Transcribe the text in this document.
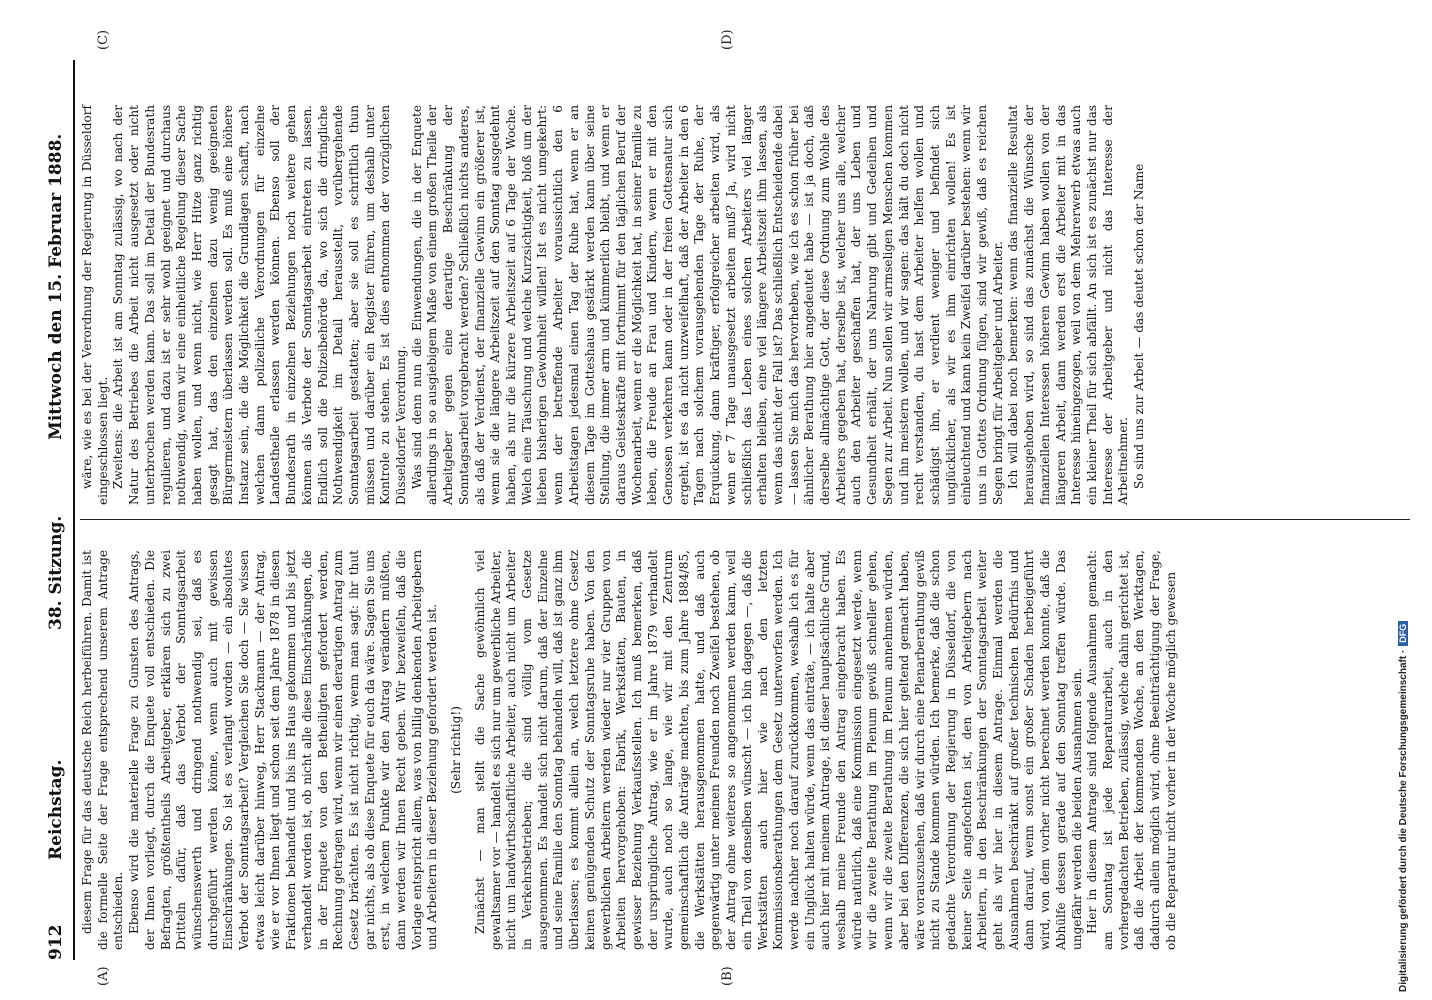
912
Reichstag.
38. Sitzung.
Mittwoch den 15. Februar 1888.
(A)	(B)
(C)	(D)

diesem Frage für das deutsche Reich herbeiführen. Damit ist die formelle Seite der Frage entsprechend unserem Antrage entschieden. Ebenso wird die materielle Frage zu Gunsten des Antrags, der Ihnen vorliegt, durch die Enquete voll entschieden. Die Befragten, größtentheils Arbeitgeber, erklären sich zu zwei Dritteln dafür, daß das Verbot der Sonntagsarbeit wünschenswerth und dringend nothwendig sei, daß es durchgeführt werden könne, wenn auch mit gewissen Einschränkungen. So ist es verlangt worden — ein absolutes Verbot der Sonntagsarbeit? Vergleichen Sie doch — Sie wissen etwas leicht darüber hinweg, Herr Stackmann — der Antrag, wie er vor Ihnen liegt und schon seit dem Jahre 1878 in diesen Fraktionen behandelt und bis ins Haus gekommen und bis jetzt verhandelt worden ist, ob nicht alle diese Einschränkungen, die in der Enquete von den Betheiligten gefordert werden, Rechnung getragen wird, wenn wir einen derartigen Antrag zum Gesetz brächten. Es ist nicht richtig, wenn man sagt: ihr thut gar nichts, als ob diese Enquete für euch da wäre. Sagen Sie uns erst, in welchem Punkte wir den Antrag verändern müßten, dann werden wir Ihnen Recht geben. Wir bezweifeln, daß die Vorlage entspricht allem, was von billig denkenden Arbeitgebern und Arbeitern in dieser Beziehung gefordert werden ist. (Sehr richtig!) Zunächst — man stellt die Sache gewöhnlich viel gewaltsamer vor — handelt es sich nur um gewerbliche Arbeiter, nicht um landwirthschaftliche Arbeiter, auch nicht um Arbeiter in Verkehrsbetrieben; die sind völlig vom Gesetze ausgenommen. Es handelt sich nicht darum, daß der Einzelne und seine Familie den Sonntag behandeln will, daß ist ganz ihm überlassen; es kommt allein an, welch letztere ohne Gesetz keinen genügenden Schutz der Sonntagsruhe haben. Von den gewerblichen Arbeitern werden wieder nur vier Gruppen von Arbeiten hervorgehoben: Fabrik, Werkstätten, Bauten, in gewisser Beziehung Verkaufsstellen. Ich muß bemerken, daß der ursprüngliche Antrag, wie er im Jahre 1879 verhandelt wurde, auch noch so lange, wie wir mit den Zentrum gemeinschaftlich die Anträge machten, bis zum Jahre 1884/85, die Werkstätten herausgenommen hatte, und daß auch gegenwärtig unter meinen Freunden noch Zweifel bestehen, ob der Antrag ohne weiteres so angenommen werden kann, weil ein Theil von denselben wünscht — ich bin dagegen —, daß die Werkstätten auch hier wie nach den letzten Kommissionsberathungen dem Gesetz unterworfen werden. Ich werde nachher noch darauf zurückkommen, weshalb ich es für ein Unglück halten würde, wenn das einträte, — ich halte aber auch hier mit meinem Antrage, ist dieser hauptsächliche Grund, weshalb meine Freunde den Antrag eingebracht haben. Es würde natürlich, daß eine Kommission eingesetzt werde, wenn wir die zweite Berathung im Plenum gewiß schneller gehen, wenn wir die zweite Berathung im Plenum annehmen würden, aber bei den Differenzen, die sich hier geltend gemacht haben, wäre vorauszusehen, daß wir durch eine Plenarberathung gewiß nicht zu Stande kommen würden. Ich bemerke, daß die schon gedachte Verordnung der Regierung in Düsseldorf, die von keiner Seite angefochten ist, den von Arbeitgebern nach Arbeitern, in den Beschränkungen der Sonntagsarbeit weiter geht als wir hier in diesem Antrage. Einmal werden die Ausnahmen beschränkt auf großer technischen Bedürfnis und dann darauf, wenn sonst ein großer Schaden herbeigeführt wird, von dem vorher nicht berechnet werden konnte, daß die Abhülfe dessen gerade auf den Sonntag treffen würde. Das ungefähr werden die beiden Ausnahmen sein. Hier in diesem Antrage sind folgende Ausnahmen gemacht: am Sonntag ist jede Reparaturarbeit, auch in den vorhergedachten Betrieben, zulässig, welche dahin gerichtet ist, daß die Arbeit der kommenden Woche, an den Werktagen, dadurch allein möglich wird, ohne Beeinträchtigung der Frage, ob die Reparatur nicht vorher in der Woche möglich gewesen

wäre, wie es bei der Verordnung der Regierung in Düsseldorf eingeschlossen liegt. Zweitens: die Arbeit ist am Sonntag zulässig, wo nach der Natur des Betriebes die Arbeit nicht ausgesetzt oder nicht unterbrochen werden kann. Das soll im Detail der Bundesrath regulieren, und dazu ist er sehr wohl geeignet und durchaus nothwendig, wenn wir eine einheitliche Regelung dieser Sache haben wollen, und wenn nicht, wie Herr Hitze ganz richtig gesagt hat, das den einzelnen dazu wenig geeigneten Bürgermeistern überlassen werden soll. Es muß eine höhere Instanz sein, die die Möglichkeit die Grundlagen schafft, nach welchen dann polizeiliche Verordnungen für einzelne Landestheile erlassen werden können. Ebenso soll der Bundesrath in einzelnen Beziehungen noch weitere gehen können als Verbote der Sonntagsarbeit eintreten zu lassen. Endlich soll die Polizeibehörde da, wo sich die dringliche Nothwendigkeit im Detail herausstellt, vorübergehende Sonntagsarbeit gestatten; aber sie soll es schriftlich thun müssen und darüber ein Register führen, um deshalb unter Kontrole zu stehen. Es ist dies entnommen der vorzüglichen Düsseldorfer Verordnung. Was sind denn nun die Einwendungen, die in der Enquete allerdings in so ausgiebigem Maße von einem großen Theile der Arbeitgeber gegen eine derartige Beschränkung der Sonntagsarbeit vorgebracht werden? Schließlich nichts anderes, als daß der Verdienst, der finanzielle Gewinn ein größerer ist, wenn sie die längere Arbeitszeit auf den Sonntag ausgedehnt haben, als nur die kürzere Arbeitszeit auf 6 Tage der Woche. Welch eine Täuschung und welche Kurzsichtigkeit, bloß um der lieben bisherigen Gewohnheit willen! Ist es nicht umgekehrt: wenn der betreffende Arbeiter voraussichtlich den 6 Arbeitstagen jedesmal einen Tag der Ruhe hat, wenn er an diesem Tage im Gotteshaus gestärkt werden kann über seine Stellung, die immer arm und kümmerlich bleibt, und wenn er daraus Geisteskräfte mit fortnimmt für den täglichen Beruf der Wochenarbeit, wenn er die Möglichkeit hat, in seiner Familie zu leben, die Freude an Frau und Kindern, wenn er mit den Genossen verkehren kann oder in der freien Gottesnatur sich ergeht, ist es da nicht unzweifelhaft, daß der Arbeiter in den 6 Tagen nach solchem vorausgehenden Tage der Ruhe, der Erquickung, dann kräftiger, erfolgreicher arbeiten wird, als wenn er 7 Tage unausgesetzt arbeiten muß? Ja, wird nicht schließlich das Leben eines solchen Arbeiters viel länger erhalten bleiben, eine viel längere Arbeitszeit ihm lassen, als wenn das nicht der Fall ist? Das schließlich Entscheidende dabei — lassen Sie mich das hervorheben, wie ich es schon früher bei ähnlicher Berathung hier angedeutet habe — ist ja doch, daß derselbe allmächtige Gott, der diese Ordnung zum Wohle des Arbeiters gegeben hat, derselbe ist, welcher uns alle, welcher auch den Arbeiter geschaffen hat, der uns Leben und Gesundheit erhält, der uns Nahrung gibt und Gedeihen und Segen zur Arbeit. Nun sollen wir armseligen Menschen kommen und ihn meistern wollen, und wir sagen: das hält du doch nicht recht verstanden, du hast dem Arbeiter helfen wollen und schädigst ihn, er verdient weniger und befindet sich unglücklicher, als wir es ihm einrichten wollen! Es ist einleuchtend und kann kein Zweifel darüber bestehen: wenn wir uns in Gottes Ordnung fügen, sind wir gewiß, daß es reichen Segen bringt für Arbeitgeber und Arbeiter. Ich will dabei noch bemerken: wenn das finanzielle Resultat herausgehoben wird, so sind das zunächst die Wünsche der finanziellen Interessen höheren Gewinn haben wollen von der längeren Arbeit, dann werden erst die Arbeiter mit in das Interesse hineingezogen, weil von dem Mehrerwerb etwas auch ein kleiner Theil für sich abfällt. An sich ist es zunächst nur das Interesse der Arbeitgeber und nicht das Interesse der Arbeitnehmer. So sind uns zur Arbeit — das deutet schon der Name

Digitalisierung gefördert durch die Deutsche Forschungsgemeinschaft ·DFG
